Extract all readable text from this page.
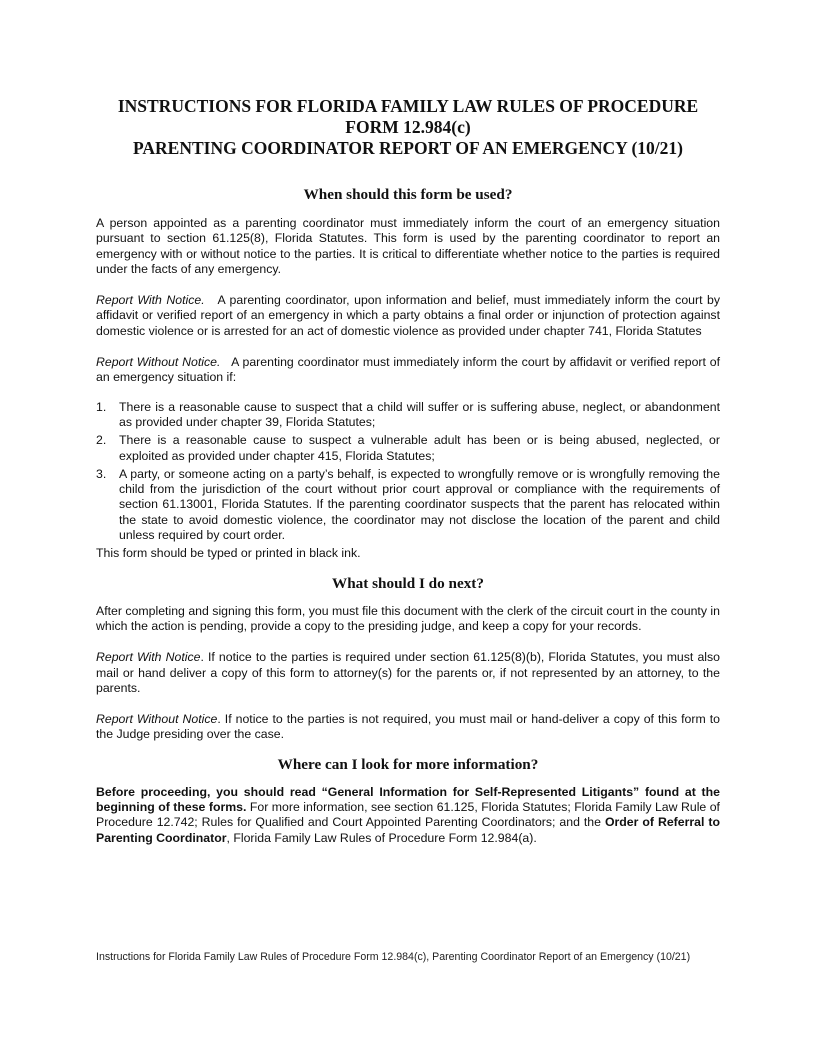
INSTRUCTIONS FOR FLORIDA FAMILY LAW RULES OF PROCEDURE
FORM 12.984(c)
PARENTING COORDINATOR REPORT OF AN EMERGENCY (10/21)
When should this form be used?

A person appointed as a parenting coordinator must immediately inform the court of an emergency situation pursuant to section 61.125(8), Florida Statutes. This form is used by the parenting coordinator to report an emergency with or without notice to the parties. It is critical to differentiate whether notice to the parties is required under the facts of any emergency.

Report With Notice. A parenting coordinator, upon information and belief, must immediately inform the court by affidavit or verified report of an emergency in which a party obtains a final order or injunction of protection against domestic violence or is arrested for an act of domestic violence as provided under chapter 741, Florida Statutes

Report Without Notice. A parenting coordinator must immediately inform the court by affidavit or verified report of an emergency situation if:

1. There is a reasonable cause to suspect that a child will suffer or is suffering abuse, neglect, or abandonment as provided under chapter 39, Florida Statutes;
2. There is a reasonable cause to suspect a vulnerable adult has been or is being abused, neglected, or exploited as provided under chapter 415, Florida Statutes;
3. A party, or someone acting on a party’s behalf, is expected to wrongfully remove or is wrongfully removing the child from the jurisdiction of the court without prior court approval or compliance with the requirements of section 61.13001, Florida Statutes. If the parenting coordinator suspects that the parent has relocated within the state to avoid domestic violence, the coordinator may not disclose the location of the parent and child unless required by court order.

This form should be typed or printed in black ink.

What should I do next?

After completing and signing this form, you must file this document with the clerk of the circuit court in the county in which the action is pending, provide a copy to the presiding judge, and keep a copy for your records.

Report With Notice. If notice to the parties is required under section 61.125(8)(b), Florida Statutes, you must also mail or hand deliver a copy of this form to attorney(s) for the parents or, if not represented by an attorney, to the parents.

Report Without Notice. If notice to the parties is not required, you must mail or hand-deliver a copy of this form to the Judge presiding over the case.

Where can I look for more information?

Before proceeding, you should read “General Information for Self-Represented Litigants” found at the beginning of these forms. For more information, see section 61.125, Florida Statutes; Florida Family Law Rule of Procedure 12.742; Rules for Qualified and Court Appointed Parenting Coordinators; and the Order of Referral to Parenting Coordinator, Florida Family Law Rules of Procedure Form 12.984(a).

Instructions for Florida Family Law Rules of Procedure Form 12.984(c), Parenting Coordinator Report of an Emergency (10/21)
